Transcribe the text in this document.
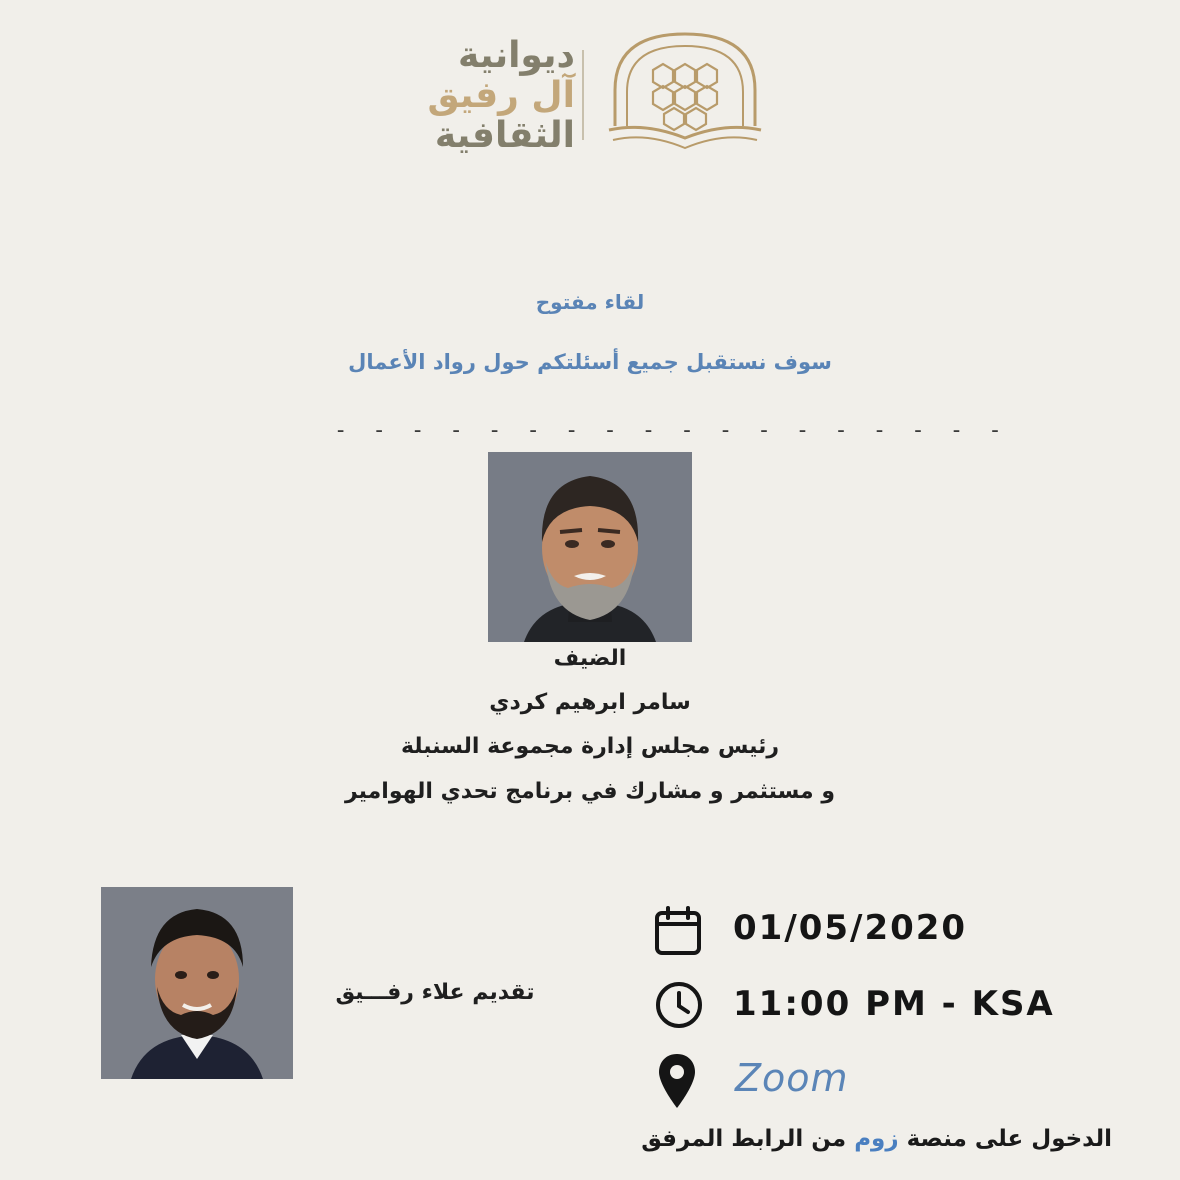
ديوانية
آل رفيق
الثقافية
لقاء مفتوح
سوف نستقبل جميع أسئلتكم حول رواد الأعمال
- - - - - - - - - - - - - - - - - -
الضيف
سامر ابرهيم كردي
رئيس مجلس إدارة مجموعة السنبلة
و مستثمر و مشارك في برنامج تحدي الهوامير
تقديم علاء رفـــيق
01/05/2020
11:00 PM - KSA
Zoom
الدخول على منصة زوم من الرابط المرفق
